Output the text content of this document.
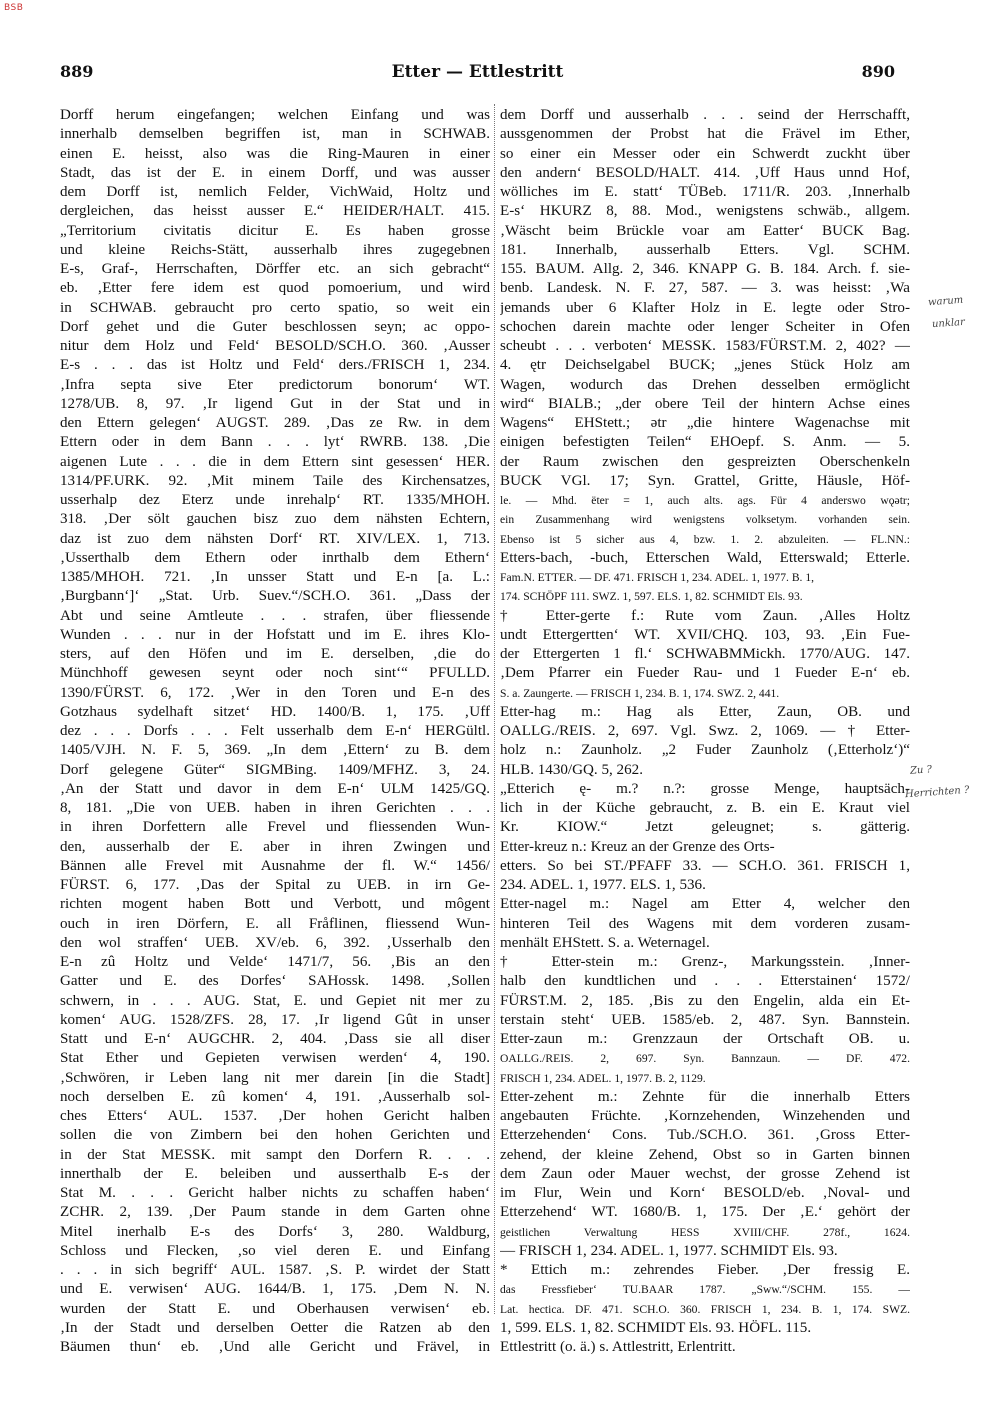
BSB
889	Etter — Ettlestritt	890
Dorff herum eingefangen; welchen Einfang und was
innerhalb demselben begriffen ist, man in SCHWAB.
einen E. heisst, also was die Ring-Mauren in einer
Stadt, das ist der E. in einem Dorff, und was ausser
dem Dorff ist, nemlich Felder, VichWaid, Holtz und
dergleichen, das heisst ausser E.“ HEIDER/HALT. 415.
„Territorium civitatis dicitur E. Es haben grosse
und kleine Reichs-Stätt, ausserhalb ihres zugegebnen
E-s, Graf-, Herrschaften, Dörffer etc. an sich gebracht“
eb. ‚Etter fere idem est quod pomoerium, und wird
in SCHWAB. gebraucht pro certo spatio, so weit ein
Dorf gehet und die Guter beschlossen seyn; ac oppo-
nitur dem Holz und Feld‘ BESOLD/SCH.O. 360. ‚Ausser
E-s . . . das ist Holtz und Feld‘ ders./FRISCH 1, 234.
‚Infra septa sive Eter predictorum bonorum‘ WT.
1278/UB. 8, 97. ‚Ir ligend Gut in der Stat und in
den Ettern gelegen‘ AUGST. 289. ‚Das ze Rw. in dem
Ettern oder in dem Bann . . . lyt‘ RWRB. 138. ‚Die
aigenen Lute . . . die in dem Ettern sint gesessen‘ HER.
1314/PF.URK. 92. ‚Mit minem Taile des Kirchensatzes,
usserhalp dez Eterz unde inrehalp‘ RT. 1335/MHOH.
318. ‚Der sölt gauchen bisz zuo dem nähsten Echtern,
daz ist zuo dem nähsten Dorf‘ RT. XIV/LEX. 1, 713.
‚Usserthalb dem Ethern oder inrthalb dem Ethern‘
1385/MHOH. 721. ‚In unsser Statt und E-n [a. L.:
‚Burgbann‘]‘ „Stat. Urb. Suev.“/SCH.O. 361. „Dass der
Abt und seine Amtleute . . . strafen, über fliessende
Wunden . . . nur in der Hofstatt und im E. ihres Klo-
sters, auf den Höfen und im E. derselben, ‚die do
Münchhoff gewesen seynt oder noch sint‘“ PFULLD.
1390/FÜRST. 6, 172. ‚Wer in den Toren und E-n des
Gotzhaus sydelhaft sitzet‘ HD. 1400/B. 1, 175. ‚Uff
dez . . . Dorfs . . . Felt usserhalb dem E-n‘ HERGültl.
1405/VJH. N. F. 5, 369. „In dem ‚Ettern‘ zu B. dem
Dorf gelegene Güter“ SIGMBing. 1409/MFHZ. 3, 24.
‚An der Statt und davor in dem E-n‘ ULM 1425/GQ.
8, 181. „Die von UEB. haben in ihren Gerichten . . .
in ihren Dorfettern alle Frevel und fliessenden Wun-
den, ausserhalb der E. aber in ihren Zwingen und
Bännen alle Frevel mit Ausnahme der fl. W.“ 1456/
FÜRST. 6, 177. ‚Das der Spital zu UEB. in irn Ge-
richten mogent haben Bott und Verbott, und môgent
ouch in iren Dörfern, E. all Fråflinen, fliessend Wun-
den wol straffen‘ UEB. XV/eb. 6, 392. ‚Usserhalb den
E-n zû Holtz und Velde‘ 1471/7, 56. ‚Bis an den
Gatter und E. des Dorfes‘ SAHossk. 1498. ‚Sollen
schwern, in . . . AUG. Stat, E. und Gepiet nit mer zu
komen‘ AUG. 1528/ZFS. 28, 17. ‚Ir ligend Gût in unser
Statt und E-n‘ AUGCHR. 2, 404. ‚Dass sie all diser
Stat Ether und Gepieten verwisen werden‘ 4, 190.
‚Schwören, ir Leben lang nit mer darein [in die Stadt]
noch derselben E. zû komen‘ 4, 191. ‚Ausserhalb sol-
ches Etters‘ AUL. 1537. ‚Der hohen Gericht halben
sollen die von Zimbern bei den hohen Gerichten und
in der Stat MESSK. mit sampt den Dorfern R. . . .
innerthalb der E. beleiben und ausserthalb E-s der
Stat M. . . . Gericht halber nichts zu schaffen haben‘
ZCHR. 2, 139. ‚Der Paum stande in dem Garten ohne
Mitel inerhalb E-s des Dorfs‘ 3, 280. Waldburg,
Schloss und Flecken, ‚so viel deren E. und Einfang
. . . in sich begriff‘ AUL. 1587. ‚S. P. wirdet der Statt
und E. verwisen‘ AUG. 1644/B. 1, 175. ‚Dem N. N.
wurden der Statt E. und Oberhausen verwisen‘ eb.
‚In der Stadt und derselben Oetter die Ratzen ab den
Bäumen thun‘ eb. ‚Und alle Gericht und Frävel, in
dem Dorff und ausserhalb . . . seind der Herrschafft,
aussgenommen der Probst hat die Frävel im Ether,
so einer ein Messer oder ein Schwerdt zuckht über
den andern‘ BESOLD/HALT. 414. ‚Uff Haus unnd Hof,
wölliches im E. statt‘ TÜBeb. 1711/R. 203. ‚Innerhalb
E-s‘ HKURZ 8, 88. Mod., wenigstens schwäb., allgem.
‚Wäscht beim Brückle voar am Eatter‘ BUCK Bag.
181. Innerhalb, ausserhalb Etters. Vgl. SCHM.
155. BAUM. Allg. 2, 346. KNAPP G. B. 184. Arch. f. sie-
benb. Landesk. N. F. 27, 587. — 3. was heisst: ‚Wa
jemands uber 6 Klafter Holz in E. legte oder Stro-
schochen darein machte oder lenger Scheiter in Ofen
scheubt . . . verboten‘ MESSK. 1583/FÜRST.M. 2, 402? —
4. ętr Deichselgabel BUCK; „jenes Stück Holz am
Wagen, wodurch das Drehen desselben ermöglicht
wird“ BIALB.; „der obere Teil der hintern Achse eines
Wagens“ EHStett.; ətr „die hintere Wagenachse mit
einigen befestigten Teilen“ EHOepf. S. Anm. — 5.
der Raum zwischen den gespreizten Oberschenkeln
BUCK VGl. 17; Syn. Grattel, Gritte, Häusle, Höf-
le. — Mhd. ëter = 1, auch alts. ags. Für 4 anderswo wǫətr;
ein Zusammenhang wird wenigstens volksetym. vorhanden sein.
Ebenso ist 5 sicher aus 4, bzw. 1. 2. abzuleiten. — FL.NN.:
Etters-bach, -buch, Etterschen Wald, Etterswald; Etterle.
Fam.N. ETTER. — DF. 471. FRISCH 1, 234. ADEL. 1, 1977. B. 1,
174. SCHÖPF 111. SWZ. 1, 597. ELS. 1, 82. SCHMIDT Els. 93.
† Etter-gerte f.: Rute vom Zaun. ‚Alles Holtz
undt Ettergertten‘ WT. XVII/CHQ. 103, 93. ‚Ein Fue-
der Ettergerten 1 fl.‘ SCHWABMMickh. 1770/AUG. 147.
‚Dem Pfarrer ein Fueder Rau- und 1 Fueder E-n‘ eb.
S. a. Zaungerte. — FRISCH 1, 234. B. 1, 174. SWZ. 2, 441.
Etter-hag m.: Hag als Etter, Zaun, OB. und
OALLG./REIS. 2, 697. Vgl. Swz. 2, 1069. — † Etter-
holz n.: Zaunholz. „2 Fuder Zaunholz (‚Etterholz‘)“
HLB. 1430/GQ. 5, 262.
„Etterich ę- m.? n.?: grosse Menge, hauptsäch-
lich in der Küche gebraucht, z. B. ein E. Kraut viel
Kr. KIOW.“ Jetzt geleugnet; s. gätterig.
Etter-kreuz n.: Kreuz an der Grenze des Orts-
etters. So bei ST./PFAFF 33. — SCH.O. 361. FRISCH 1,
234. ADEL. 1, 1977. ELS. 1, 536.
Etter-nagel m.: Nagel am Etter 4, welcher den
hinteren Teil des Wagens mit dem vorderen zusam-
menhält EHStett. S. a. Weternagel.
† Etter-stein m.: Grenz-, Markungsstein. ‚Inner-
halb den kundtlichen und . . . Etterstainen‘ 1572/
FÜRST.M. 2, 185. ‚Bis zu den Engelin, alda ein Et-
terstain steht‘ UEB. 1585/eb. 2, 487. Syn. Bannstein.
Etter-zaun m.: Grenzzaun der Ortschaft OB. u.
OALLG./REIS. 2, 697. Syn. Bannzaun. — DF. 472.
FRISCH 1, 234. ADEL. 1, 1977. B. 2, 1129.
Etter-zehent m.: Zehnte für die innerhalb Etters
angebauten Früchte. ‚Kornzehenden, Winzehenden und
Etterzehenden‘ Cons. Tub./SCH.O. 361. ‚Gross Etter-
zehend, der kleine Zehend, Obst so in Garten binnen
dem Zaun oder Mauer wechst, der grosse Zehend ist
im Flur, Wein und Korn‘ BESOLD/eb. ‚Noval- und
Etterzehend‘ WT. 1680/B. 1, 175. Der ‚E.‘ gehört der
geistlichen Verwaltung HESS XVIII/CHF. 278f., 1624.
— FRISCH 1, 234. ADEL. 1, 1977. SCHMIDT Els. 93.
* Ettich m.: zehrendes Fieber. ‚Der fressig E.
das Fressfieber‘ TU.BAAR 1787. „Sww.“/SCHM. 155. —
Lat. hectica. DF. 471. SCH.O. 360. FRISCH 1, 234. B. 1, 174. SWZ.
1, 599. ELS. 1, 82. SCHMIDT Els. 93. HÖFL. 115.
Ettlestritt (o. ä.) s. Attlestritt, Erlentritt.
warum
unklar
Zu ?
Herrichten ?
